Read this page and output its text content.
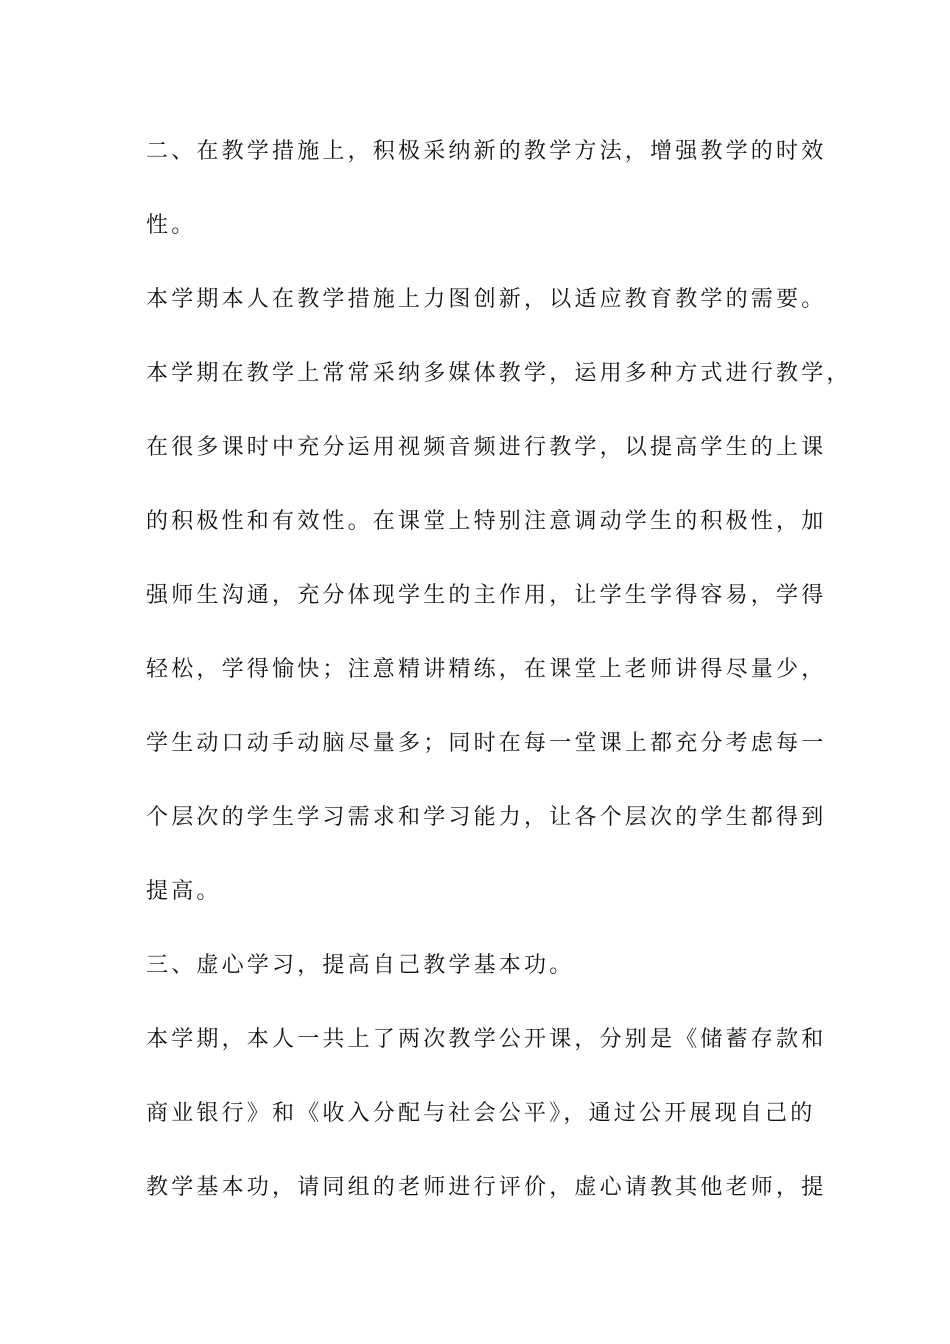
二、在教学措施上，积极采纳新的教学方法，增强教学的时效
性。
本学期本人在教学措施上力图创新，以适应教育教学的需要。
本学期在教学上常常采纳多媒体教学，运用多种方式进行教学，
在很多课时中充分运用视频音频进行教学，以提高学生的上课
的积极性和有效性。在课堂上特别注意调动学生的积极性，加
强师生沟通，充分体现学生的主作用，让学生学得容易，学得
轻松，学得愉快；注意精讲精练，在课堂上老师讲得尽量少，
学生动口动手动脑尽量多；同时在每一堂课上都充分考虑每一
个层次的学生学习需求和学习能力，让各个层次的学生都得到
提高。
三、虚心学习，提高自己教学基本功。
本学期，本人一共上了两次教学公开课，分别是《储蓄存款和
商业银行》和《收入分配与社会公平》，通过公开展现自己的
教学基本功，请同组的老师进行评价，虚心请教其他老师，提
